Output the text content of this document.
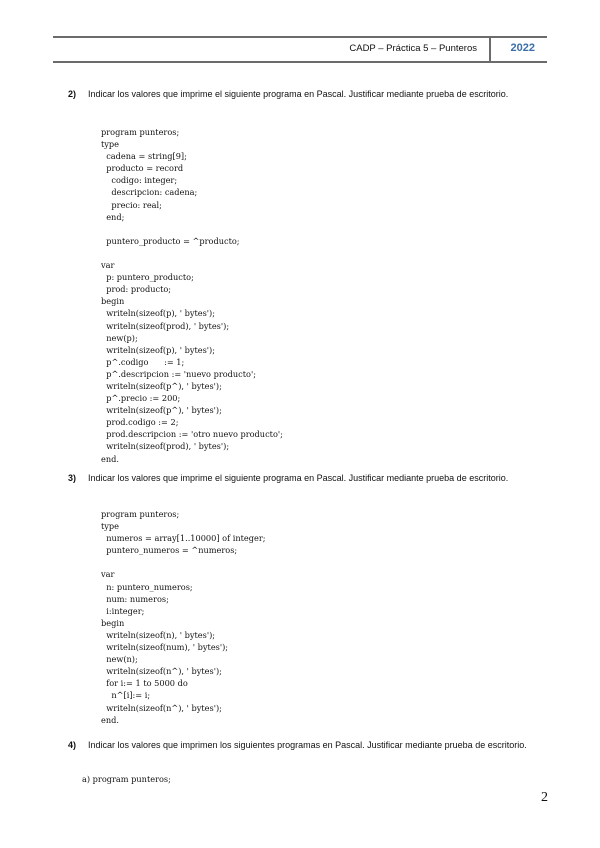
CADP – Práctica 5 – Punteros	2022
2) Indicar los valores que imprime el siguiente programa en Pascal. Justificar mediante prueba de escritorio.
program punteros;
type
cadena = string[9];
producto = record
codigo: integer;
descripcion: cadena;
precio: real;
end;

puntero_producto = ^producto;

var
p: puntero_producto;
prod: producto;
begin
writeln(sizeof(p), ' bytes');
writeln(sizeof(prod), ' bytes');
new(p);
writeln(sizeof(p), ' bytes');
p^.codigo      := 1;
p^.descripcion := 'nuevo producto';
writeln(sizeof(p^), ' bytes');
p^.precio := 200;
writeln(sizeof(p^), ' bytes');
prod.codigo := 2;
prod.descripcion := 'otro nuevo producto';
writeln(sizeof(prod), ' bytes');
end.
3) Indicar los valores que imprime el siguiente programa en Pascal. Justificar mediante prueba de escritorio.
program punteros;
type
numeros = array[1..10000] of integer;
puntero_numeros = ^numeros;

var
n: puntero_numeros;
num: numeros;
i:integer;
begin
writeln(sizeof(n), ' bytes');
writeln(sizeof(num), ' bytes');
new(n);
writeln(sizeof(n^), ' bytes');
for i:= 1 to 5000 do
n^[i]:= i;
writeln(sizeof(n^), ' bytes');
end.
4) Indicar los valores que imprimen los siguientes programas en Pascal. Justificar mediante prueba de escritorio.
a) program punteros;
2
